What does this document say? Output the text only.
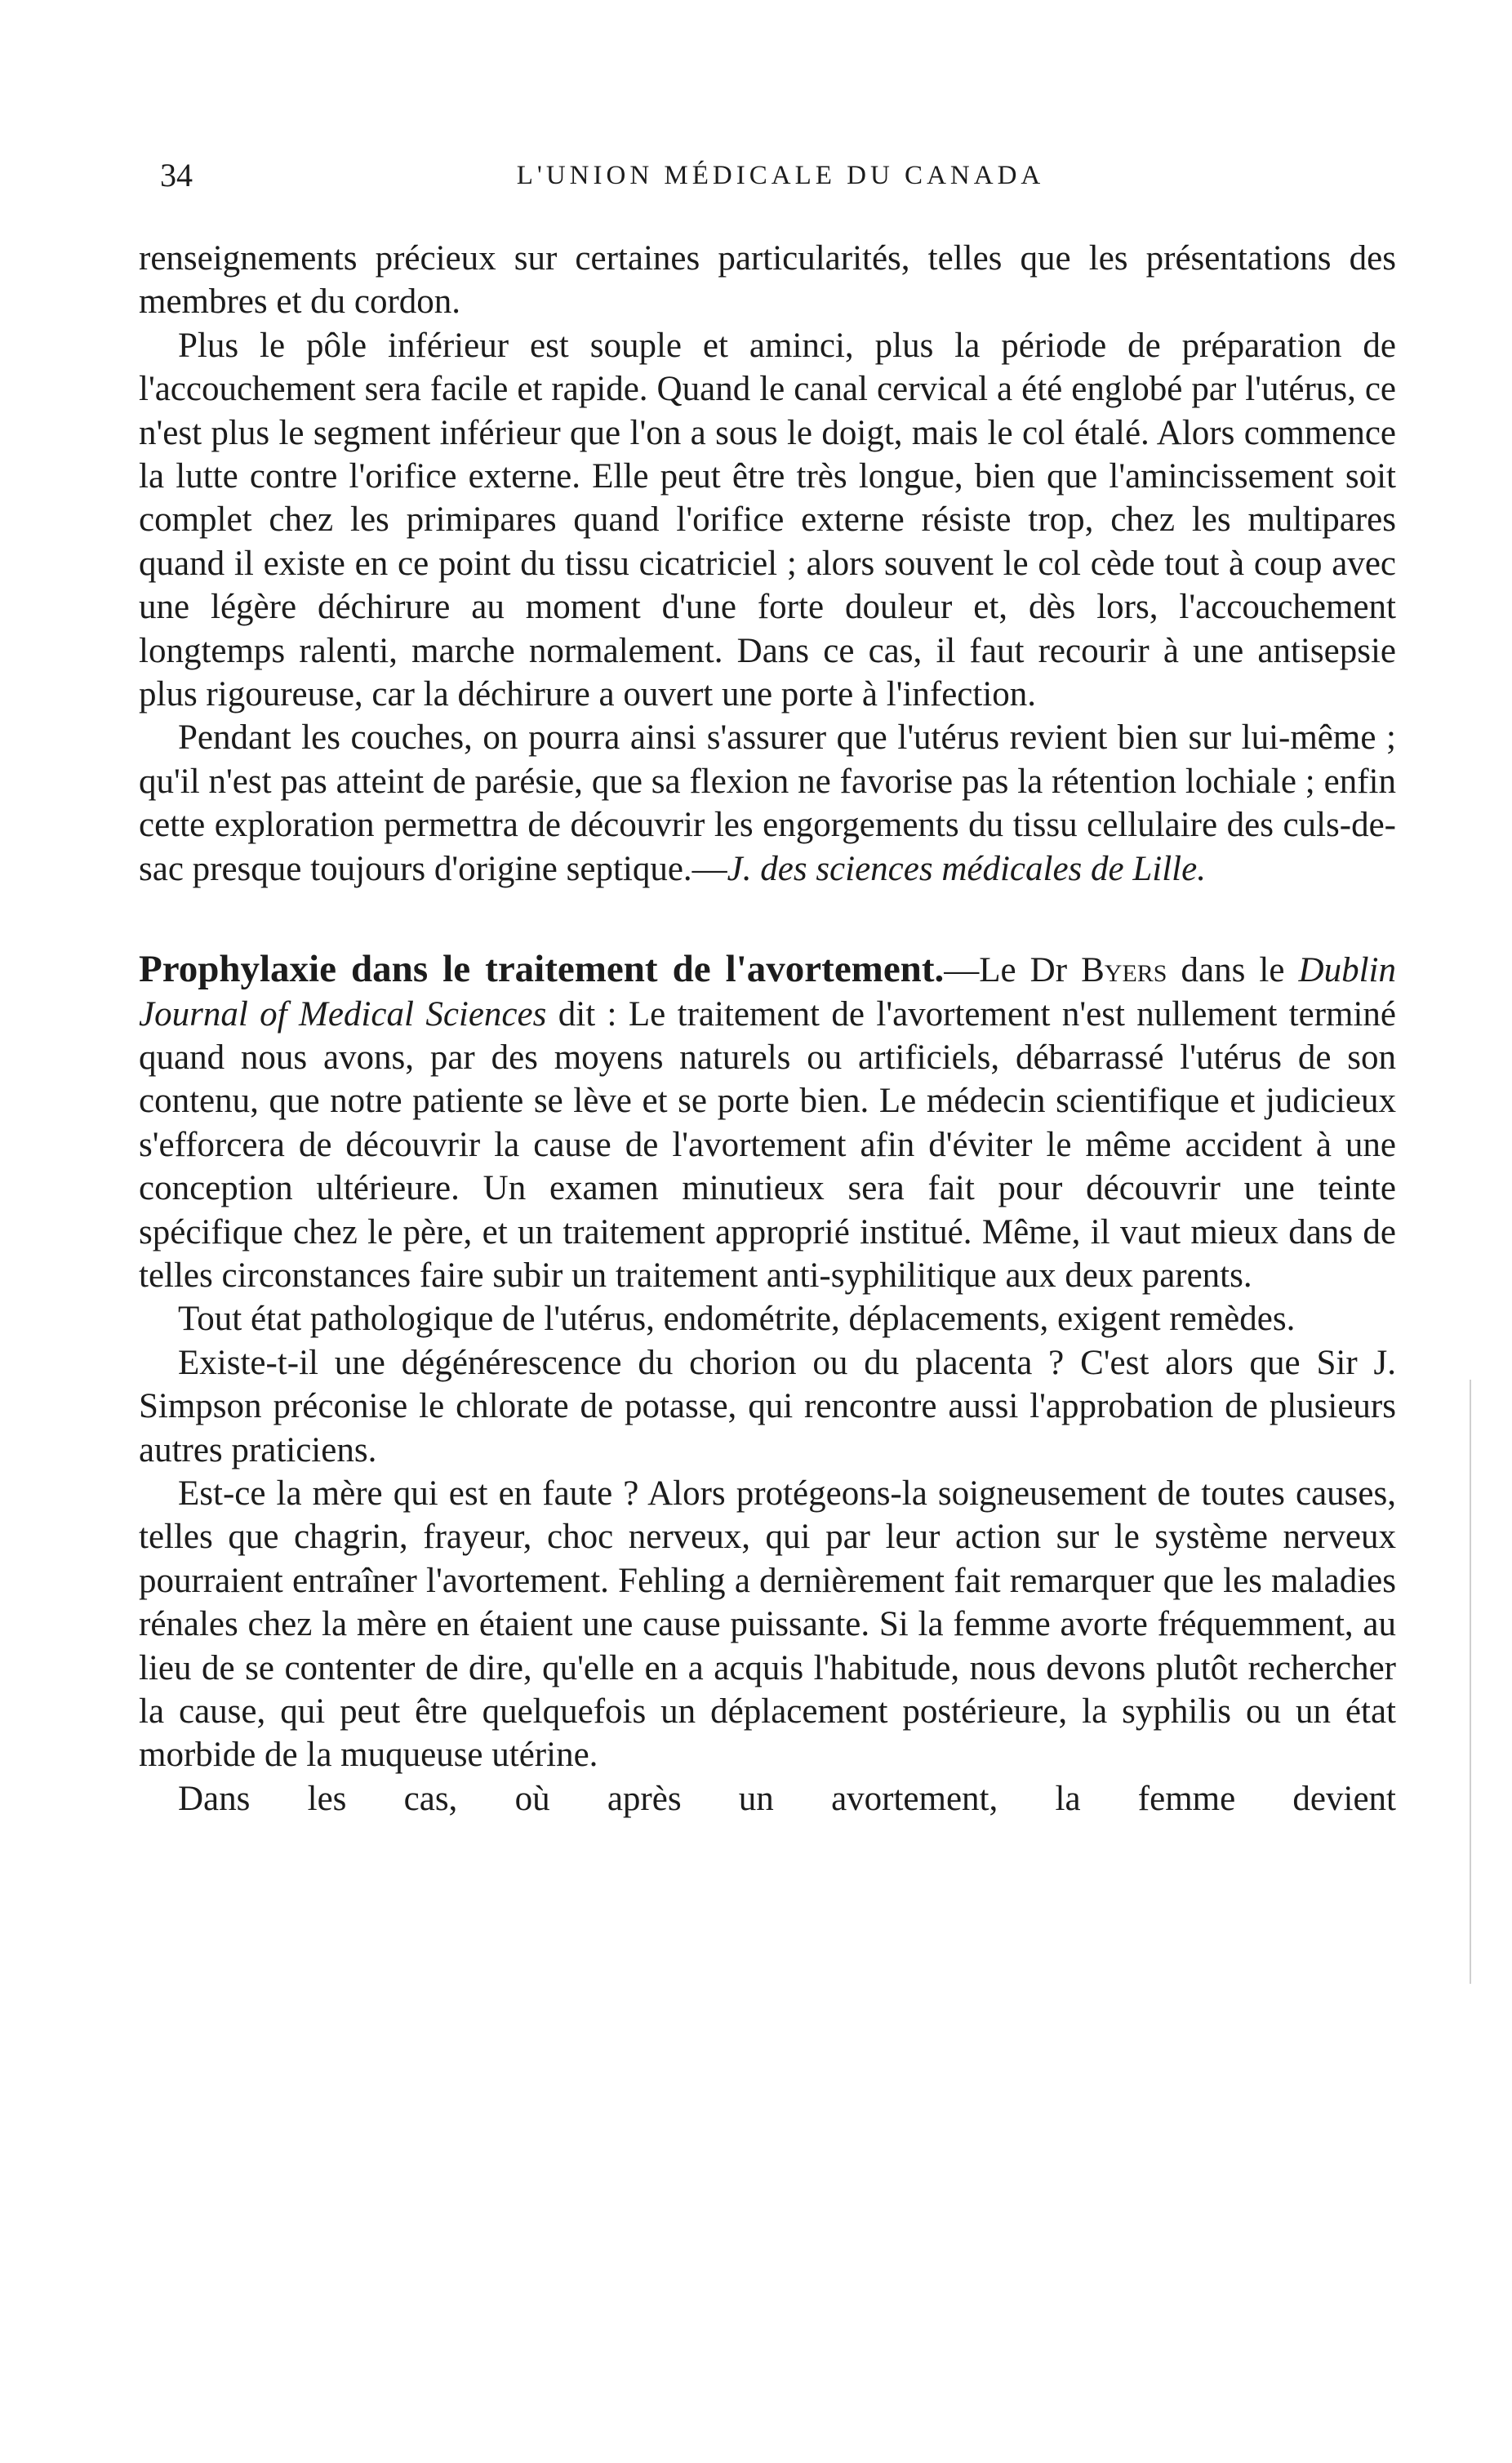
34	L'UNION MÉDICALE DU CANADA

renseignements précieux sur certaines particularités, telles que les présentations des membres et du cordon.

Plus le pôle inférieur est souple et aminci, plus la période de préparation de l'accouchement sera facile et rapide. Quand le canal cervical a été englobé par l'utérus, ce n'est plus le segment inférieur que l'on a sous le doigt, mais le col étalé. Alors commence la lutte contre l'orifice externe. Elle peut être très longue, bien que l'amincissement soit complet chez les primipares quand l'orifice externe résiste trop, chez les multipares quand il existe en ce point du tissu cicatriciel ; alors souvent le col cède tout à coup avec une légère déchirure au moment d'une forte douleur et, dès lors, l'accouchement longtemps ralenti, marche normalement. Dans ce cas, il faut recourir à une antisepsie plus rigoureuse, car la déchirure a ouvert une porte à l'infection.

Pendant les couches, on pourra ainsi s'assurer que l'utérus revient bien sur lui-même ; qu'il n'est pas atteint de parésie, que sa flexion ne favorise pas la rétention lochiale ; enfin cette exploration permettra de découvrir les engorgements du tissu cellulaire des culs-de-sac presque toujours d'origine septique.—J. des sciences médicales de Lille.

Prophylaxie dans le traitement de l'avortement.—Le Dr Byers dans le Dublin Journal of Medical Sciences dit : Le traitement de l'avortement n'est nullement terminé quand nous avons, par des moyens naturels ou artificiels, débarrassé l'utérus de son contenu, que notre patiente se lève et se porte bien. Le médecin scientifique et judicieux s'efforcera de découvrir la cause de l'avortement afin d'éviter le même accident à une conception ultérieure. Un examen minutieux sera fait pour découvrir une teinte spécifique chez le père, et un traitement approprié institué. Même, il vaut mieux dans de telles circonstances faire subir un traitement anti-syphilitique aux deux parents.

Tout état pathologique de l'utérus, endométrite, déplacements, exigent remèdes.

Existe-t-il une dégénérescence du chorion ou du placenta ? C'est alors que Sir J. Simpson préconise le chlorate de potasse, qui rencontre aussi l'approbation de plusieurs autres praticiens.

Est-ce la mère qui est en faute ? Alors protégeons-la soigneusement de toutes causes, telles que chagrin, frayeur, choc nerveux, qui par leur action sur le système nerveux pourraient entraîner l'avortement. Fehling a dernièrement fait remarquer que les maladies rénales chez la mère en étaient une cause puissante. Si la femme avorte fréquemment, au lieu de se contenter de dire, qu'elle en a acquis l'habitude, nous devons plutôt rechercher la cause, qui peut être quelquefois un déplacement postérieure, la syphilis ou un état morbide de la muqueuse utérine.

Dans les cas, où après un avortement, la femme devient
